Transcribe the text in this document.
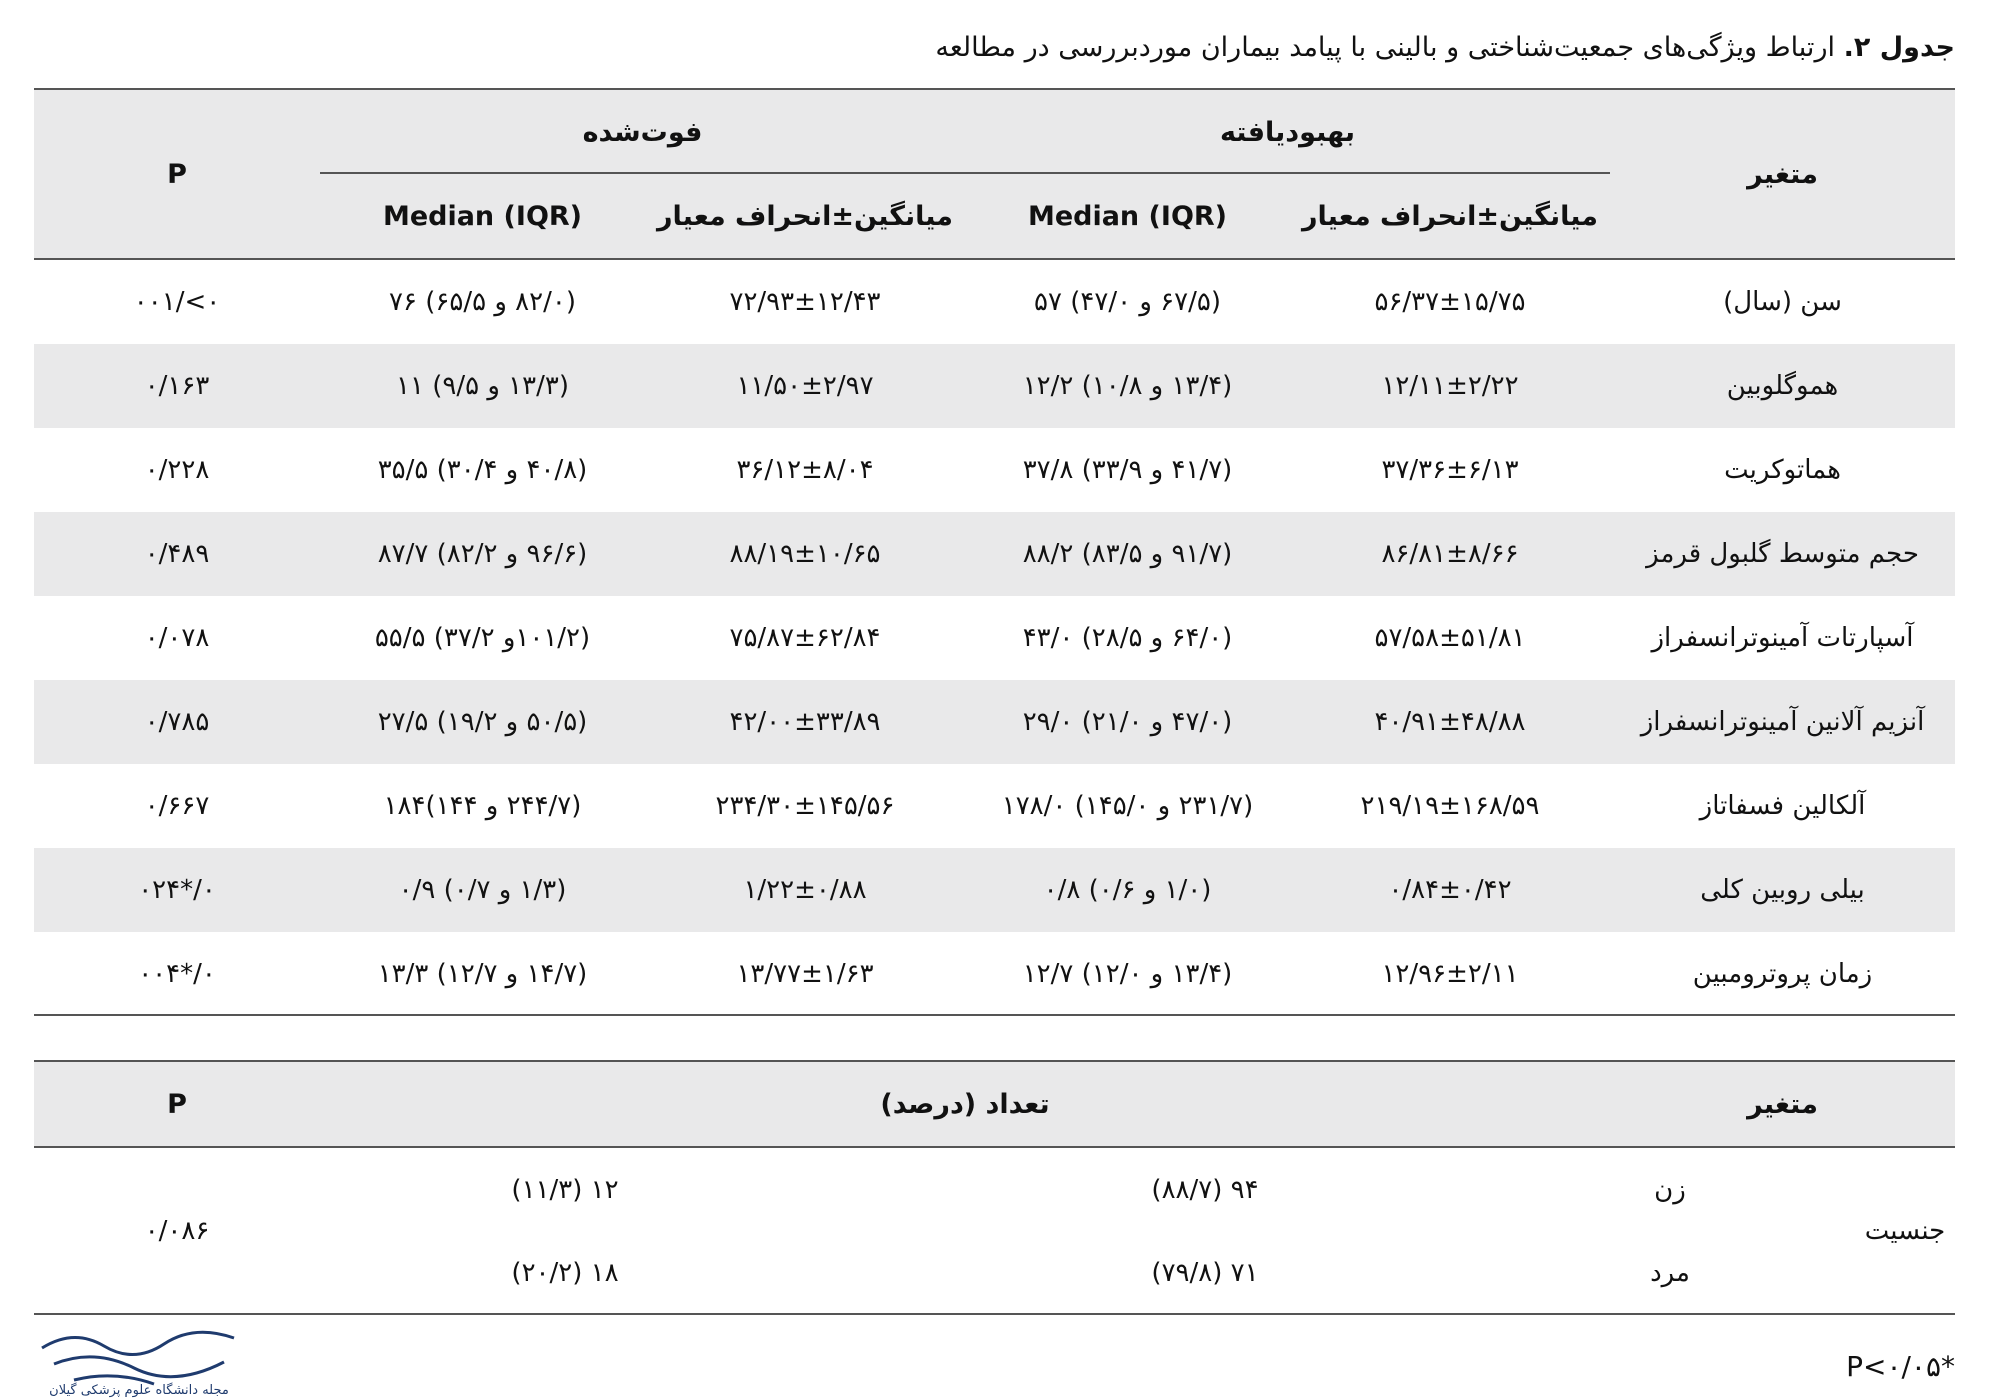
جدول ۲. ارتباط ویژگی‌های جمعیت‌شناختی و بالینی با پیامد بیماران موردبررسی در مطالعه
متغیر
بهبودیافته
فوت‌شده
میانگین±انحراف معیار
Median (IQR)
میانگین±انحراف معیار
Median (IQR)
P
سن (سال)
۵۶/۳۷±۱۵/۷۵
(۶۷/۵ و ۴۷/۰) ۵۷
۷۲/۹۳±۱۲/۴۳
(۸۲/۰ و ۶۵/۵) ۷۶
۰>/۰۰۱
هموگلوبین
۱۲/۱۱±۲/۲۲
(۱۳/۴ و ۱۰/۸) ۱۲/۲
۱۱/۵۰±۲/۹۷
(۱۳/۳ و ۹/۵) ۱۱
۰/۱۶۳
هماتوکریت
۳۷/۳۶±۶/۱۳
(۴۱/۷ و ۳۳/۹) ۳۷/۸
۳۶/۱۲±۸/۰۴
(۴۰/۸ و ۳۰/۴) ۳۵/۵
۰/۲۲۸
حجم متوسط گلبول قرمز
۸۶/۸۱±۸/۶۶
(۹۱/۷ و ۸۳/۵) ۸۸/۲
۸۸/۱۹±۱۰/۶۵
(۹۶/۶ و ۸۲/۲) ۸۷/۷
۰/۴۸۹
آسپارتات آمینوترانسفراز
۵۷/۵۸±۵۱/۸۱
(۶۴/۰ و ۲۸/۵) ۴۳/۰
۷۵/۸۷±۶۲/۸۴
(۱۰۱/۲و ۳۷/۲) ۵۵/۵
۰/۰۷۸
آنزیم آلانین آمینوترانسفراز
۴۰/۹۱±۴۸/۸۸
(۴۷/۰ و ۲۱/۰) ۲۹/۰
۴۲/۰۰±۳۳/۸۹
(۵۰/۵ و ۱۹/۲) ۲۷/۵
۰/۷۸۵
آلکالین فسفاتاز
۲۱۹/۱۹±۱۶۸/۵۹
(۲۳۱/۷ و ۱۴۵/۰) ۱۷۸/۰
۲۳۴/۳۰±۱۴۵/۵۶
(۲۴۴/۷ و ۱۴۴)۱۸۴
۰/۶۶۷
بیلی روبین کلی
۰/۸۴±۰/۴۲
(۱/۰ و ۰/۶) ۰/۸
۱/۲۲±۰/۸۸
(۱/۳ و ۰/۷) ۰/۹
۰/*۰۲۴
زمان پروترومبین
۱۲/۹۶±۲/۱۱
(۱۳/۴ و ۱۲/۰) ۱۲/۷
۱۳/۷۷±۱/۶۳
(۱۴/۷ و ۱۲/۷) ۱۳/۳
۰/*۰۰۴
متغیر
تعداد (درصد)
P
جنسیت
۰/۰۸۶
زن
۹۴ (۸۸/۷)
۱۲ (۱۱/۳)
مرد
۷۱ (۷۹/۸)
۱۸ (۲۰/۲)
مجله دانشگاه علوم پزشکی گیلان
P<۰/۰۵*
